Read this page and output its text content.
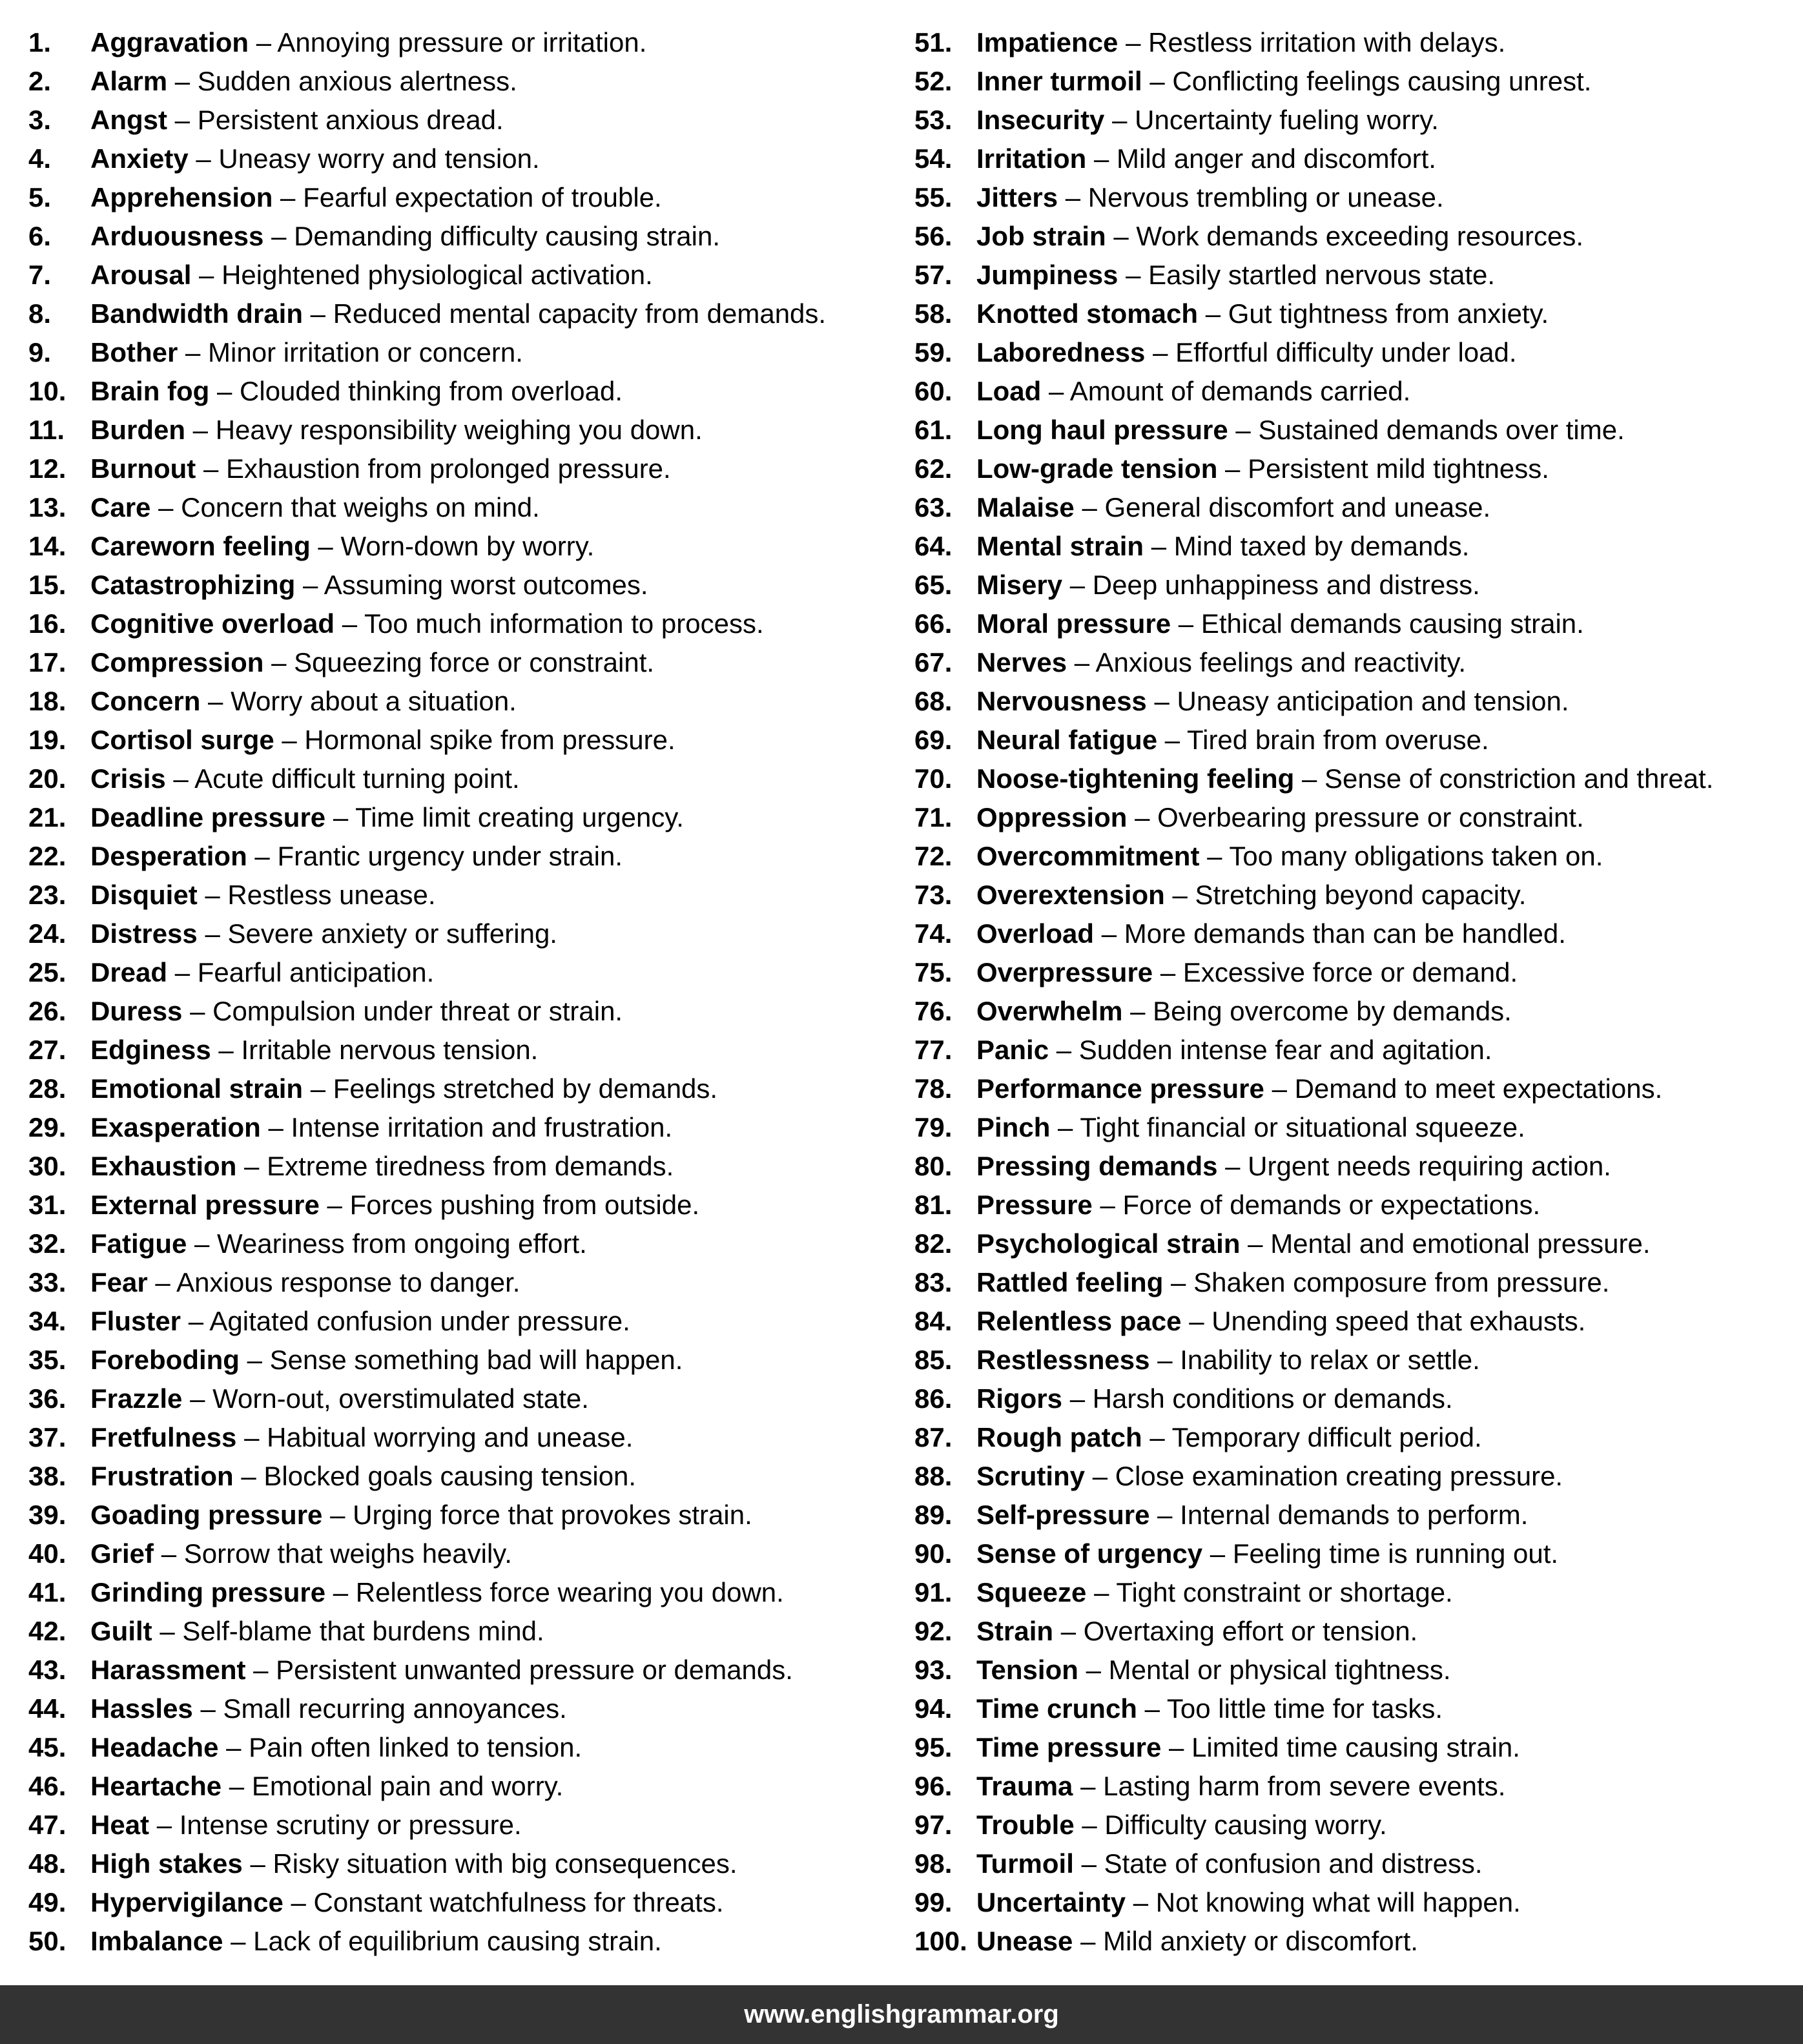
1.	Aggravation – Annoying pressure or irritation.
2.	Alarm – Sudden anxious alertness.
3.	Angst – Persistent anxious dread.
4.	Anxiety – Uneasy worry and tension.
5.	Apprehension – Fearful expectation of trouble.
6.	Arduousness – Demanding difficulty causing strain.
7.	Arousal – Heightened physiological activation.
8.	Bandwidth drain – Reduced mental capacity from demands.
9.	Bother – Minor irritation or concern.
10. Brain fog – Clouded thinking from overload.
11. Burden – Heavy responsibility weighing you down.
12. Burnout – Exhaustion from prolonged pressure.
13. Care – Concern that weighs on mind.
14. Careworn feeling – Worn-down by worry.
15. Catastrophizing – Assuming worst outcomes.
16. Cognitive overload – Too much information to process.
17. Compression – Squeezing force or constraint.
18. Concern – Worry about a situation.
19. Cortisol surge – Hormonal spike from pressure.
20. Crisis – Acute difficult turning point.
21. Deadline pressure – Time limit creating urgency.
22. Desperation – Frantic urgency under strain.
23. Disquiet – Restless unease.
24. Distress – Severe anxiety or suffering.
25. Dread – Fearful anticipation.
26. Duress – Compulsion under threat or strain.
27. Edginess – Irritable nervous tension.
28. Emotional strain – Feelings stretched by demands.
29. Exasperation – Intense irritation and frustration.
30. Exhaustion – Extreme tiredness from demands.
31. External pressure – Forces pushing from outside.
32. Fatigue – Weariness from ongoing effort.
33. Fear – Anxious response to danger.
34. Fluster – Agitated confusion under pressure.
35. Foreboding – Sense something bad will happen.
36. Frazzle – Worn-out, overstimulated state.
37. Fretfulness – Habitual worrying and unease.
38. Frustration – Blocked goals causing tension.
39. Goading pressure – Urging force that provokes strain.
40. Grief – Sorrow that weighs heavily.
41. Grinding pressure – Relentless force wearing you down.
42. Guilt – Self-blame that burdens mind.
43. Harassment – Persistent unwanted pressure or demands.
44. Hassles – Small recurring annoyances.
45. Headache – Pain often linked to tension.
46. Heartache – Emotional pain and worry.
47. Heat – Intense scrutiny or pressure.
48. High stakes – Risky situation with big consequences.
49. Hypervigilance – Constant watchfulness for threats.
50. Imbalance – Lack of equilibrium causing strain.
51. Impatience – Restless irritation with delays.
52. Inner turmoil – Conflicting feelings causing unrest.
53. Insecurity – Uncertainty fueling worry.
54. Irritation – Mild anger and discomfort.
55. Jitters – Nervous trembling or unease.
56. Job strain – Work demands exceeding resources.
57. Jumpiness – Easily startled nervous state.
58. Knotted stomach – Gut tightness from anxiety.
59. Laboredness – Effortful difficulty under load.
60. Load – Amount of demands carried.
61. Long haul pressure – Sustained demands over time.
62. Low-grade tension – Persistent mild tightness.
63. Malaise – General discomfort and unease.
64. Mental strain – Mind taxed by demands.
65. Misery – Deep unhappiness and distress.
66. Moral pressure – Ethical demands causing strain.
67. Nerves – Anxious feelings and reactivity.
68. Nervousness – Uneasy anticipation and tension.
69. Neural fatigue – Tired brain from overuse.
70. Noose-tightening feeling – Sense of constriction and threat.
71. Oppression – Overbearing pressure or constraint.
72. Overcommitment – Too many obligations taken on.
73. Overextension – Stretching beyond capacity.
74. Overload – More demands than can be handled.
75. Overpressure – Excessive force or demand.
76. Overwhelm – Being overcome by demands.
77. Panic – Sudden intense fear and agitation.
78. Performance pressure – Demand to meet expectations.
79. Pinch – Tight financial or situational squeeze.
80. Pressing demands – Urgent needs requiring action.
81. Pressure – Force of demands or expectations.
82. Psychological strain – Mental and emotional pressure.
83. Rattled feeling – Shaken composure from pressure.
84. Relentless pace – Unending speed that exhausts.
85. Restlessness – Inability to relax or settle.
86. Rigors – Harsh conditions or demands.
87. Rough patch – Temporary difficult period.
88. Scrutiny – Close examination creating pressure.
89. Self-pressure – Internal demands to perform.
90. Sense of urgency – Feeling time is running out.
91. Squeeze – Tight constraint or shortage.
92. Strain – Overtaxing effort or tension.
93. Tension – Mental or physical tightness.
94. Time crunch – Too little time for tasks.
95. Time pressure – Limited time causing strain.
96. Trauma – Lasting harm from severe events.
97. Trouble – Difficulty causing worry.
98. Turmoil – State of confusion and distress.
99. Uncertainty – Not knowing what will happen.
100. Unease – Mild anxiety or discomfort.
www.englishgrammar.org
